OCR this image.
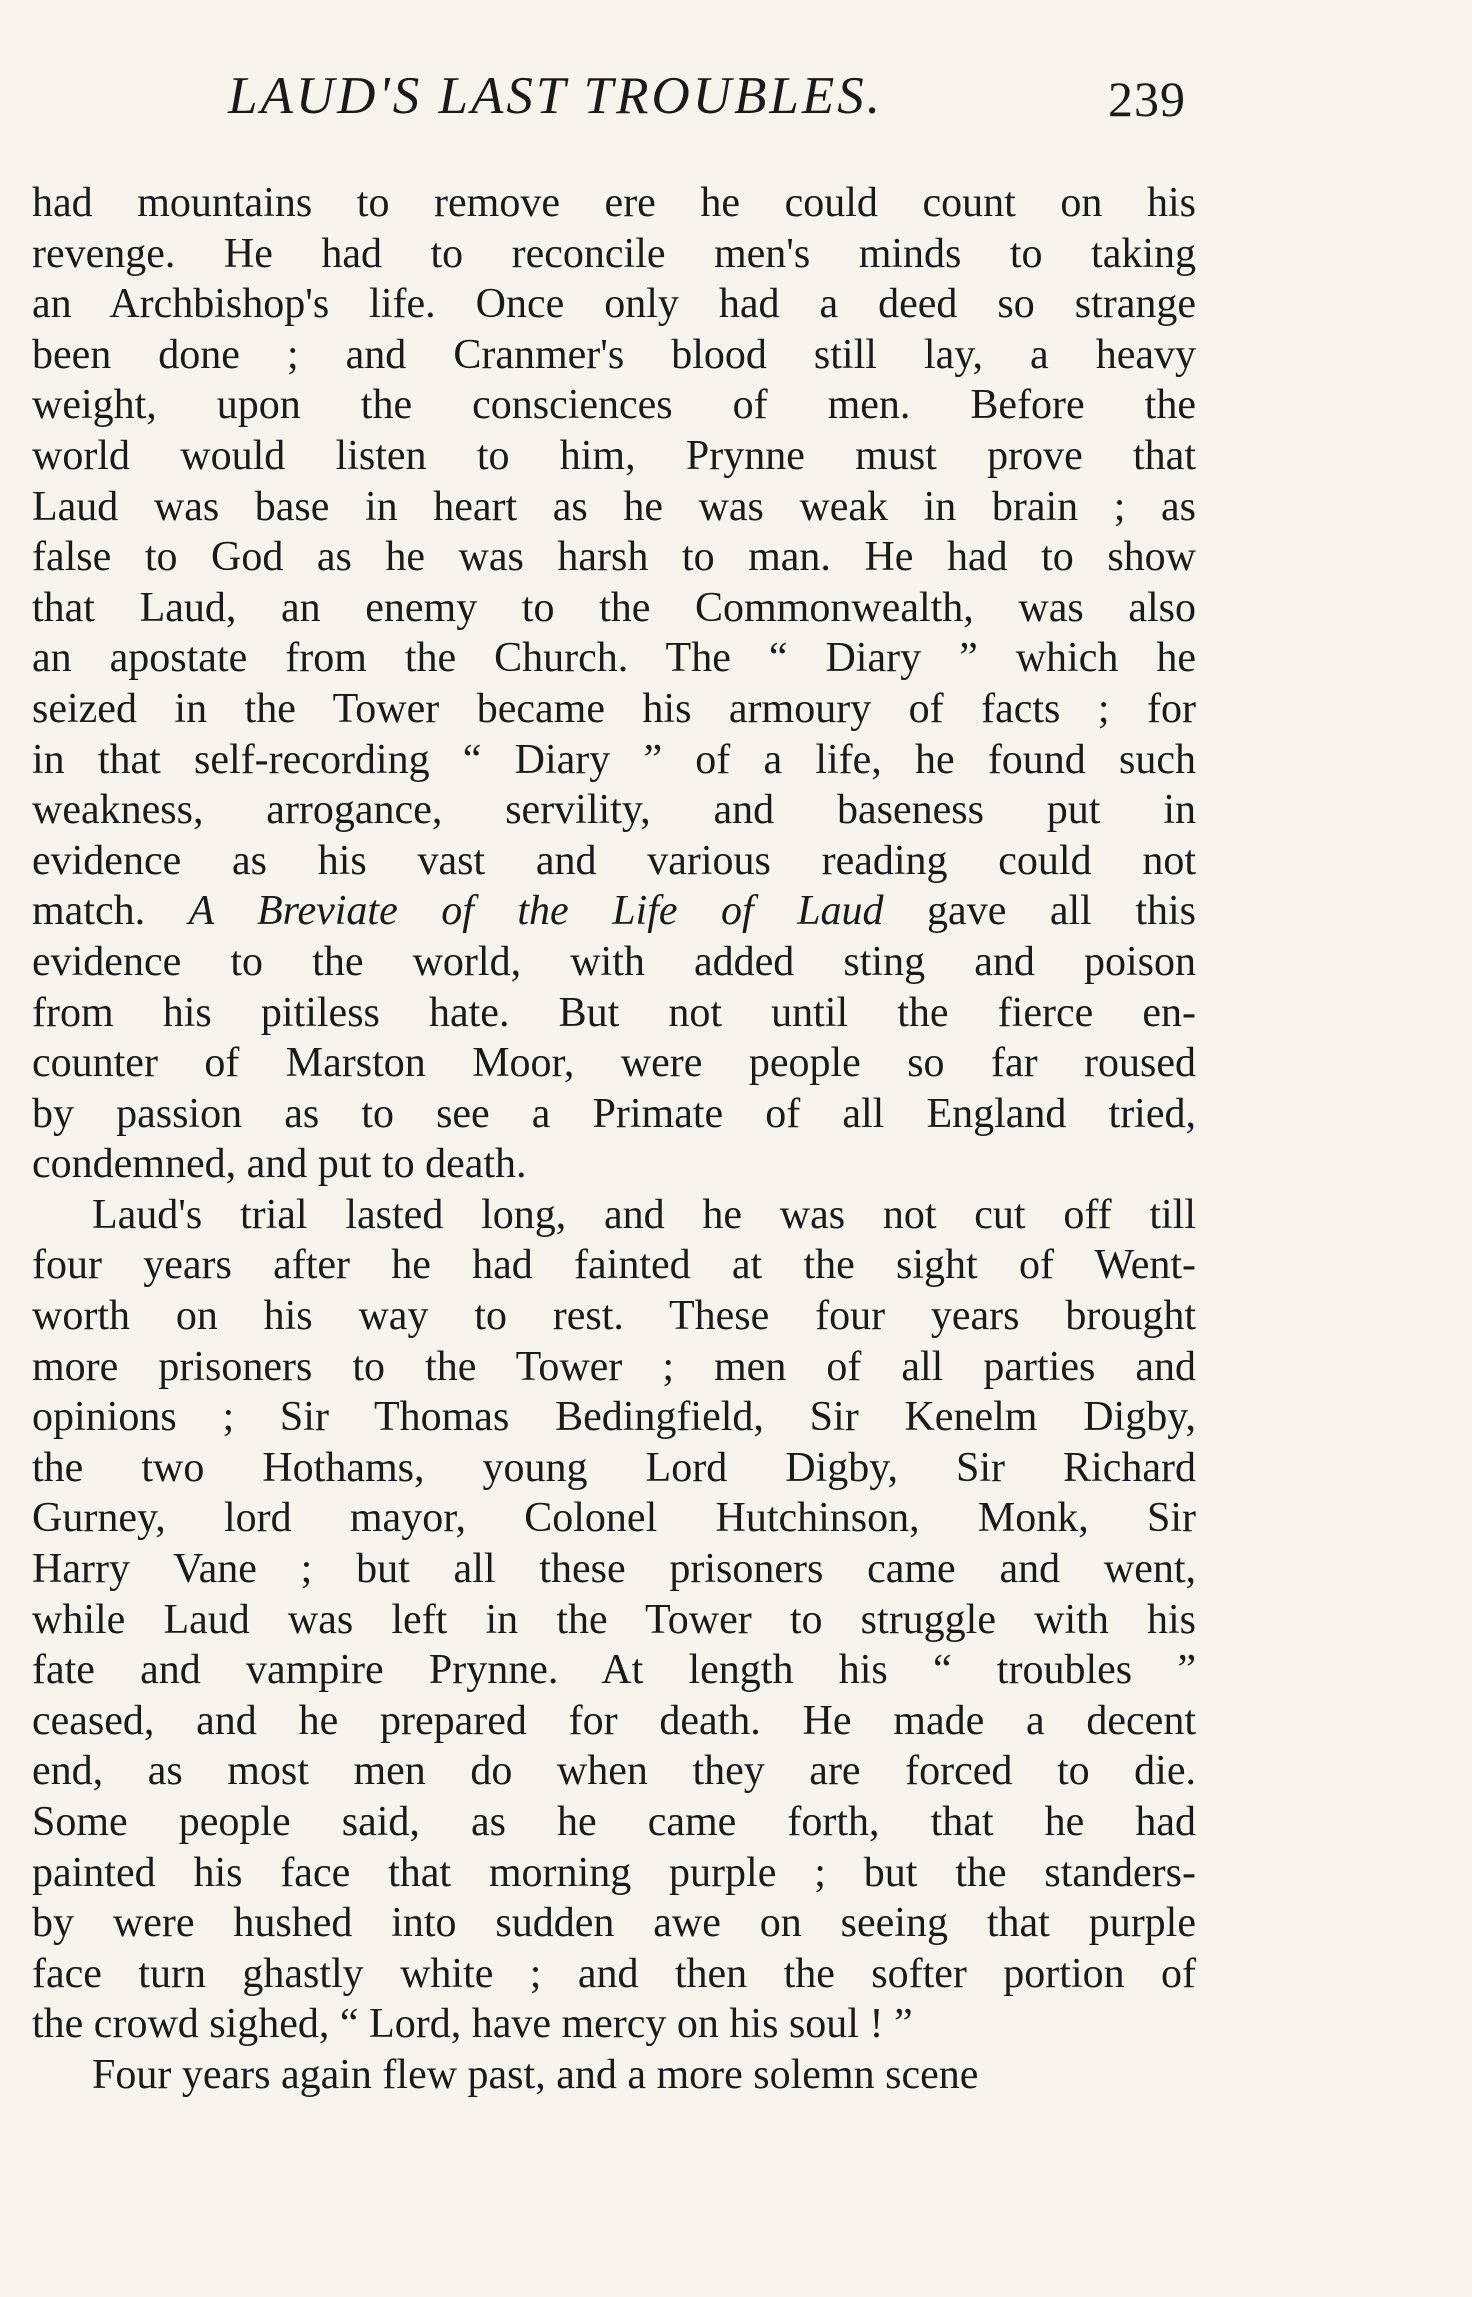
LAUD'S LAST TROUBLES.	239
had mountains to remove ere he could count on his
revenge. He had to reconcile men's minds to taking
an Archbishop's life. Once only had a deed so strange
been done ; and Cranmer's blood still lay, a heavy
weight, upon the consciences of men. Before the
world would listen to him, Prynne must prove that
Laud was base in heart as he was weak in brain ; as
false to God as he was harsh to man. He had to show
that Laud, an enemy to the Commonwealth, was also
an apostate from the Church. The “ Diary ” which he
seized in the Tower became his armoury of facts ; for
in that self-recording “ Diary ” of a life, he found such
weakness, arrogance, servility, and baseness put in
evidence as his vast and various reading could not
match. A Breviate of the Life of Laud gave all this
evidence to the world, with added sting and poison
from his pitiless hate. But not until the fierce en-
counter of Marston Moor, were people so far roused
by passion as to see a Primate of all England tried,
condemned, and put to death.
Laud's trial lasted long, and he was not cut off till
four years after he had fainted at the sight of Went-
worth on his way to rest. These four years brought
more prisoners to the Tower ; men of all parties and
opinions ; Sir Thomas Bedingfield, Sir Kenelm Digby,
the two Hothams, young Lord Digby, Sir Richard
Gurney, lord mayor, Colonel Hutchinson, Monk, Sir
Harry Vane ; but all these prisoners came and went,
while Laud was left in the Tower to struggle with his
fate and vampire Prynne. At length his “ troubles ”
ceased, and he prepared for death. He made a decent
end, as most men do when they are forced to die.
Some people said, as he came forth, that he had
painted his face that morning purple ; but the standers-
by were hushed into sudden awe on seeing that purple
face turn ghastly white ; and then the softer portion of
the crowd sighed, “ Lord, have mercy on his soul ! ”
Four years again flew past, and a more solemn scene
